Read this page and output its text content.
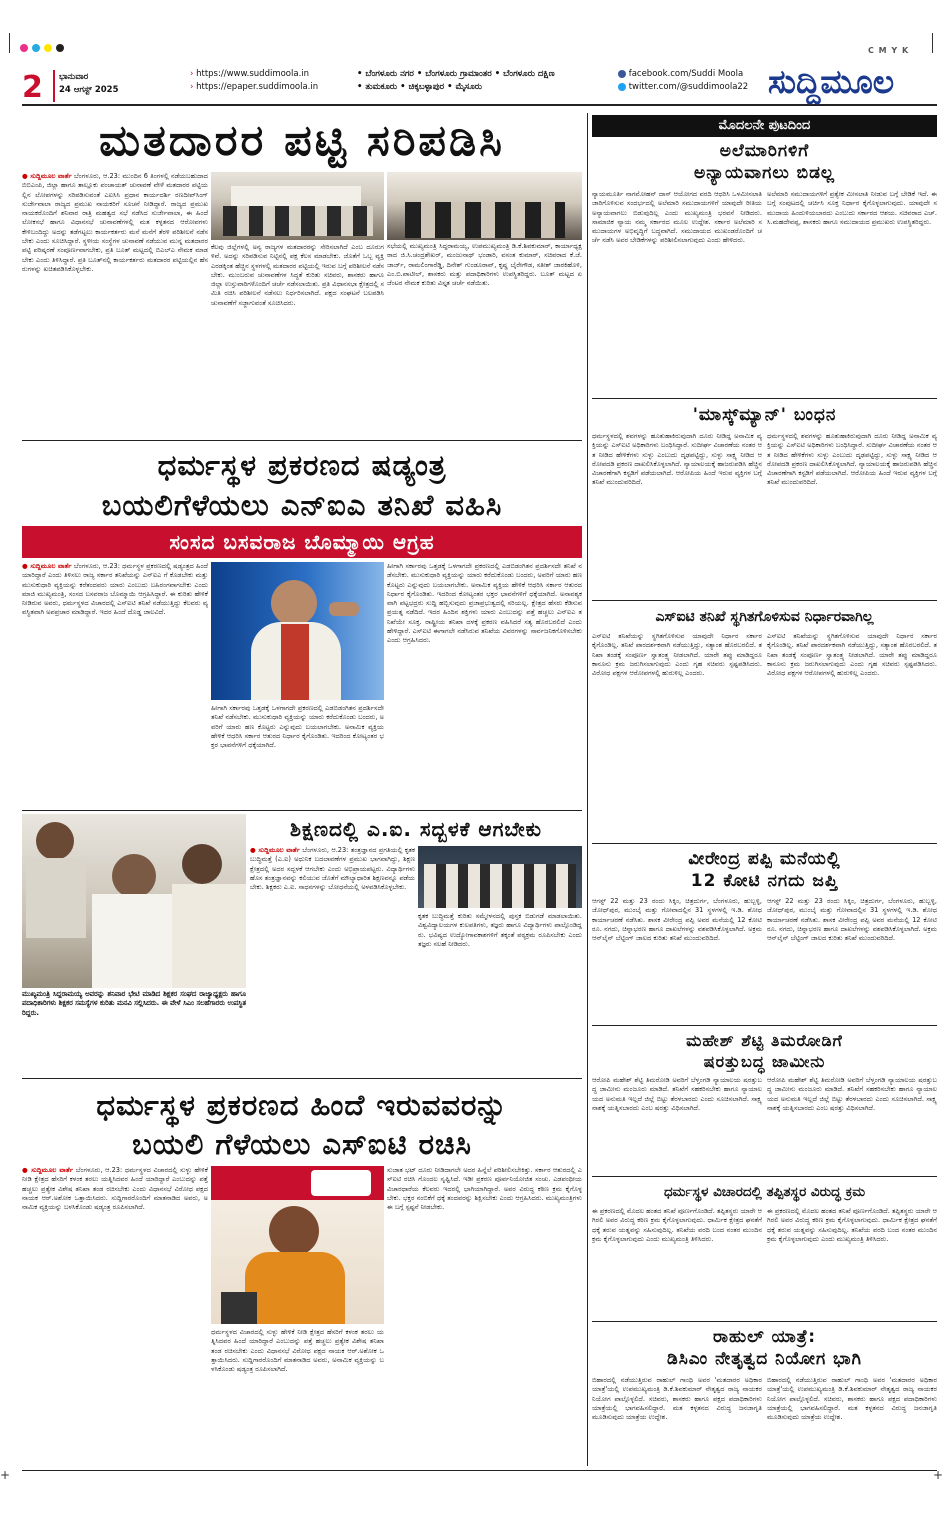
C M Y K
2 ಭಾನುವಾರ
24 ಆಗಸ್ಟ್ 2025
› https://www.suddimoola.in
› https://epaper.suddimoola.in
• ಬೆಂಗಳೂರು ನಗರ • ಬೆಂಗಳೂರು ಗ್ರಾಮಾಂತರ • ಬೆಂಗಳೂರು ದಕ್ಷಿಣ
• ತುಮಕೂರು • ಚಿಕ್ಕಬಳ್ಳಾಪುರ • ಮೈಸೂರು
facebook.com/Suddi Moola
twitter.com/@suddimoola22 ಸುದ್ದಿಮೂಲ
ಮತದಾರರ ಪಟ್ಟಿ ಸರಿಪಡಿಸಿ
● ಸುದ್ದಿಮೂಲ ವಾರ್ತೆ ಬೆಂಗಳೂರು, ಆ.23: ಮುಂದಿನ 6 ತಿಂಗಳಲ್ಲಿ ನಡೆಯಬಹುದಾದ ಬಿಬಿಎಂಪಿ, ಜಿಲ್ಲಾ ಹಾಗೂ ತಾಲ್ಲೂಕು ಪಂಚಾಯತ್ ಚುನಾವಣೆ ವೇಳೆ ಮತದಾರರ ಪಟ್ಟಿಯಲ್ಲಿನ ಲೋಪಗಳನ್ನು ಸರಿಪಡಿಸುವಂತೆ ಎಐಸಿಸಿ ಪ್ರಧಾನ ಕಾರ್ಯದರ್ಶಿ ರಣದೀಪ್‌ಸಿಂಗ್ ಸುರ್ಜೇವಾಲಾ ರಾಜ್ಯದ ಪ್ರಮುಖ ನಾಯಕರಿಗೆ ಸೂಚನೆ ನೀಡಿದ್ದಾರೆ. ರಾಜ್ಯದ ಪ್ರಮುಖ ನಾಯಕರೊಂದಿಗೆ ಶನಿವಾರ ರಾತ್ರಿ ಮಹತ್ವದ ಸಭೆ ನಡೆಸಿದ ಸುರ್ಜೇವಾಲಾ, ಈ ಹಿಂದೆ ಲೋಕಸಭೆ ಹಾಗೂ ವಿಧಾನಸಭೆ ಚುನಾವಣೆಗಳಲ್ಲಿ ಮತ ಕಳ್ಳತನದ ಆರೋಪಗಳು ಕೇಳಿಬಂದಿದ್ದು ಅದನ್ನು ತಡೆಗಟ್ಟಲು ಕಾರ್ಯಕರ್ತರು ಮನೆ ಮನೆಗೆ ತೆರಳಿ ಪರಿಶೀಲನೆ ನಡೆಸಬೇಕು ಎಂದು ಸೂಚಿಸಿದ್ದಾರೆ. ಸ್ಥಳೀಯ ಸಂಸ್ಥೆಗಳ ಚುನಾವಣೆ ನಡೆಯುವ ಮುನ್ನ ಮತದಾರರ ಪಟ್ಟಿ ಪರಿಷ್ಕರಣೆ ಸಂಪೂರ್ಣವಾಗಬೇಕು, ಪ್ರತಿ ಬೂತ್ ಮಟ್ಟದಲ್ಲಿ ಬಿಎಲ್‌ಎ ನೇಮಕ ಮಾಡಬೇಕು ಎಂದು ತಿಳಿಸಿದ್ದಾರೆ. ಪ್ರತಿ ಬೂತ್‌ನಲ್ಲಿ ಕಾರ್ಯಕರ್ತರು ಮತದಾರರ ಪಟ್ಟಿಯಲ್ಲಿನ ಹೆಸರುಗಳನ್ನು ಖಚಿತಪಡಿಸಿಕೊಳ್ಳಬೇಕು.
ಕೆಲವು ಜಿಲ್ಲೆಗಳಲ್ಲಿ ಅನ್ಯ ರಾಜ್ಯಗಳ ಮತದಾರರನ್ನು ಸೇರಿಸಲಾಗಿದೆ ಎಂಬ ದೂರುಗಳಿವೆ. ಅದನ್ನು ಸರಿಪಡಿಸುವ ನಿಟ್ಟಿನಲ್ಲಿ ಪಕ್ಷ ಕೆಲಸ ಮಾಡಬೇಕು. ಜೊತೆಗೆ ಒಬ್ಬ ವ್ಯಕ್ತಿ ಎರಡಕ್ಕಿಂತ ಹೆಚ್ಚಿನ ಸ್ಥಳಗಳಲ್ಲಿ ಮತದಾರರ ಪಟ್ಟಿಯಲ್ಲಿ ಇರುವ ಬಗ್ಗೆ ಪರಿಶೀಲನೆ ನಡೆಸಬೇಕು. ಮುಂಬರುವ ಚುನಾವಣೆಗಳ ಸಿದ್ಧತೆ ಕುರಿತು ಸಚಿವರು, ಶಾಸಕರು ಹಾಗೂ ಜಿಲ್ಲಾ ಉಸ್ತುವಾರಿಗಳೊಂದಿಗೆ ಚರ್ಚೆ ನಡೆಸಲಾಯಿತು. ಪ್ರತಿ ವಿಧಾನಸಭಾ ಕ್ಷೇತ್ರದಲ್ಲಿ ಸಮಿತಿ ರಚಿಸಿ ಪರಿಶೀಲನೆ ನಡೆಸಲು ನಿರ್ಧರಿಸಲಾಗಿದೆ. ಪಕ್ಷದ ಸಂಘಟನೆ ಬಲಪಡಿಸಿ ಚುನಾವಣೆಗೆ ಸಜ್ಜಾಗುವಂತೆ ಸೂಚಿಸಿದರು.
ಸಭೆಯಲ್ಲಿ ಮುಖ್ಯಮಂತ್ರಿ ಸಿದ್ದರಾಮಯ್ಯ, ಉಪಮುಖ್ಯಮಂತ್ರಿ ಡಿ.ಕೆ.ಶಿವಕುಮಾರ್, ಕಾರ್ಯಾಧ್ಯಕ್ಷರಾದ ಜಿ.ಸಿ.ಚಂದ್ರಶೇಖರ್, ಮಂಜುನಾಥ್ ಭಂಡಾರಿ, ವಸಂತ ಕುಮಾರ್, ಸಚಿವರಾದ ಕೆ.ಜೆ.ಜಾರ್ಜ್, ರಾಮಲಿಂಗಾರೆಡ್ಡಿ, ದಿನೇಶ್ ಗುಂಡೂರಾವ್, ಕೃಷ್ಣ ಬೈರೇಗೌಡ, ಸತೀಶ್ ಜಾರಕಿಹೊಳಿ, ಎಂ.ಬಿ.ಪಾಟೀಲ್, ಶಾಸಕರು ಮತ್ತು ಪದಾಧಿಕಾರಿಗಳು ಉಪಸ್ಥಿತರಿದ್ದರು. ಬೂತ್ ಮಟ್ಟದ ಏಜೆಂಟರ ನೇಮಕ ಕುರಿತು ವಿಸ್ತೃತ ಚರ್ಚೆ ನಡೆಯಿತು.
ಧರ್ಮಸ್ಥಳ ಪ್ರಕರಣದ ಷಡ್ಯಂತ್ರ
ಬಯಲಿಗೆಳೆಯಲು ಎನ್‌ಐಎ ತನಿಖೆ ವಹಿಸಿ
ಸಂಸದ ಬಸವರಾಜ ಬೊಮ್ಮಾಯಿ ಆಗ್ರಹ
● ಸುದ್ದಿಮೂಲ ವಾರ್ತೆ ಬೆಂಗಳೂರು, ಆ.23: ಧರ್ಮಸ್ಥಳ ಪ್ರಕರಣದಲ್ಲಿ ಷಡ್ಯಂತ್ರದ ಹಿಂದೆ ಯಾರಿದ್ದಾರೆ ಎಂದು ತಿಳಿಸಲು ರಾಜ್ಯ ಸರ್ಕಾರ ತನಿಖೆಯನ್ನು ಎನ್‌ಐಎ ಗೆ ಕೊಡಬೇಕು ಮತ್ತು ಮುಸುಕುಧಾರಿ ವ್ಯಕ್ತಿಯನ್ನು ಕರೆತಂದವರು ಯಾರು ಎಂಬುದು ಬಹಿರಂಗವಾಗಬೇಕು ಎಂದು ಮಾಜಿ ಮುಖ್ಯಮಂತ್ರಿ, ಸಂಸದ ಬಸವರಾಜ ಬೊಮ್ಮಾಯಿ ಆಗ್ರಹಿಸಿದ್ದಾರೆ. ಈ ಕುರಿತು ಹೇಳಿಕೆ ನೀಡಿರುವ ಅವರು, ಧರ್ಮಸ್ಥಳದ ವಿಚಾರದಲ್ಲಿ ಎಸ್‌ಐಟಿ ತನಿಖೆ ನಡೆಯುತ್ತಿದ್ದು ಕೆಲವರು ವ್ಯವಸ್ಥಿತವಾಗಿ ಅಪಪ್ರಚಾರ ಮಾಡಿದ್ದಾರೆ. ಇದರ ಹಿಂದೆ ದೊಡ್ಡ ಜಾಲವಿದೆ.
ಹೀಗಾಗಿ ಸರ್ಕಾರವು ಒತ್ತಡಕ್ಕೆ ಒಳಗಾಗದೇ ಪ್ರಕರಣದಲ್ಲಿ ಎಡಬಿಡಂಗಿತನ ಪ್ರದರ್ಶಿಸದೇ ತನಿಖೆ ನಡೆಸಬೇಕು. ಮುಸುಕುಧಾರಿ ವ್ಯಕ್ತಿಯನ್ನು ಯಾರು ಕರೆದುಕೊಂಡು ಬಂದರು, ಅವರಿಗೆ ಯಾರು ಹಣ ಕೊಟ್ಟರು ಎನ್ನುವುದು ಬಯಲಾಗಬೇಕು. ಅನಾಮಿಕ ವ್ಯಕ್ತಿಯ ಹೇಳಿಕೆ ಆಧರಿಸಿ ಸರ್ಕಾರ ಆತುರದ ನಿರ್ಧಾರ ಕೈಗೊಂಡಿತು. ಇದರಿಂದ ಕೋಟ್ಯಂತರ ಭಕ್ತರ ಭಾವನೆಗಳಿಗೆ ಧಕ್ಕೆಯಾಗಿದೆ.
ಹೀಗಾಗಿ ಸರ್ಕಾರವು ಒತ್ತಡಕ್ಕೆ ಒಳಗಾಗದೇ ಪ್ರಕರಣದಲ್ಲಿ ಎಡಬಿಡಂಗಿತನ ಪ್ರದರ್ಶಿಸದೇ ತನಿಖೆ ನಡೆಸಬೇಕು. ಮುಸುಕುಧಾರಿ ವ್ಯಕ್ತಿಯನ್ನು ಯಾರು ಕರೆದುಕೊಂಡು ಬಂದರು, ಅವರಿಗೆ ಯಾರು ಹಣ ಕೊಟ್ಟರು ಎನ್ನುವುದು ಬಯಲಾಗಬೇಕು. ಅನಾಮಿಕ ವ್ಯಕ್ತಿಯ ಹೇಳಿಕೆ ಆಧರಿಸಿ ಸರ್ಕಾರ ಆತುರದ ನಿರ್ಧಾರ ಕೈಗೊಂಡಿತು. ಇದರಿಂದ ಕೋಟ್ಯಂತರ ಭಕ್ತರ ಭಾವನೆಗಳಿಗೆ ಧಕ್ಕೆಯಾಗಿದೆ. ಅನಾವಶ್ಯಕವಾಗಿ ಪಟ್ಟಭದ್ರರು ಸುದ್ದಿ ಹಬ್ಬಿಸುವುದು ಪ್ರಜಾಪ್ರಭುತ್ವದಲ್ಲಿ ಸರಿಯಲ್ಲ. ಕ್ಷೇತ್ರದ ಹೆಸರು ಕೆಡಿಸುವ ಪ್ರಯತ್ನ ನಡೆದಿದೆ. ಇದರ ಹಿಂದಿನ ಶಕ್ತಿಗಳು ಯಾರು ಎಂಬುದನ್ನು ಪತ್ತೆ ಹಚ್ಚಲು ಎನ್‌ಐಎ ತನಿಖೆಯೇ ಸೂಕ್ತ. ರಾಷ್ಟ್ರೀಯ ತನಿಖಾ ದಳಕ್ಕೆ ಪ್ರಕರಣ ವಹಿಸಿದರೆ ಸತ್ಯ ಹೊರಬರಲಿದೆ ಎಂದು ಹೇಳಿದ್ದಾರೆ. ಎಸ್‌ಐಟಿ ಈಗಾಗಲೇ ನಡೆಸಿರುವ ತನಿಖೆಯ ವಿವರಗಳನ್ನು ಸಾರ್ವಜನಿಕಗೊಳಿಸಬೇಕು ಎಂದು ಆಗ್ರಹಿಸಿದರು.
ಮುಖ್ಯಮಂತ್ರಿ ಸಿದ್ದರಾಮಯ್ಯ ಅವರನ್ನು ಶನಿವಾರ ಭೇಟಿ ಮಾಡಿದ ಶಿಕ್ಷಕರ ಸಂಘದ ರಾಜ್ಯಾಧ್ಯಕ್ಷರು ಹಾಗೂ ಪದಾಧಿಕಾರಿಗಳು ಶಿಕ್ಷಕರ ಸಮಸ್ಯೆಗಳ ಕುರಿತು ಮನವಿ ಸಲ್ಲಿಸಿದರು. ಈ ವೇಳೆ ಸಿಎಂ ಸಲಹೆಗಾರರು ಉಪಸ್ಥಿತರಿದ್ದರು.
ಶಿಕ್ಷಣದಲ್ಲಿ ಎ.ಐ. ಸದ್ಬಳಕೆ ಆಗಬೇಕು
● ಸುದ್ದಿಮೂಲ ವಾರ್ತೆ ಬೆಂಗಳೂರು, ಆ.23: ತಂತ್ರಜ್ಞಾನದ ಪ್ರಗತಿಯಲ್ಲಿ ಕೃತಕ ಬುದ್ಧಿಮತ್ತೆ (ಎ.ಐ) ಅಧುನಿಕ ಬದಲಾವಣೆಗಳ ಪ್ರಮುಖ ಭಾಗವಾಗಿದ್ದು, ಶಿಕ್ಷಣ ಕ್ಷೇತ್ರದಲ್ಲಿ ಅದರ ಸದ್ಬಳಕೆ ಆಗಬೇಕು ಎಂದು ಅಭಿಪ್ರಾಯಪಟ್ಟರು. ವಿದ್ಯಾರ್ಥಿಗಳು ಹೊಸ ತಂತ್ರಜ್ಞಾನವನ್ನು ಕಲಿಯುವ ಜೊತೆಗೆ ಮೌಲ್ಯಾಧಾರಿತ ಶಿಕ್ಷಣವನ್ನೂ ಪಡೆಯಬೇಕು. ಶಿಕ್ಷಕರು ಎ.ಐ. ಸಾಧನಗಳನ್ನು ಬೋಧನೆಯಲ್ಲಿ ಅಳವಡಿಸಿಕೊಳ್ಳಬೇಕು.
ಕೃತಕ ಬುದ್ಧಿಮತ್ತೆ ಕುರಿತು ಸಮ್ಮೇಳನದಲ್ಲಿ ಪುಸ್ತಕ ಬಿಡುಗಡೆ ಮಾಡಲಾಯಿತು. ವಿಶ್ವವಿದ್ಯಾಲಯಗಳ ಕುಲಪತಿಗಳು, ತಜ್ಞರು ಹಾಗೂ ವಿದ್ಯಾರ್ಥಿಗಳು ಪಾಲ್ಗೊಂಡಿದ್ದರು. ಭವಿಷ್ಯದ ಉದ್ಯೋಗಾವಕಾಶಗಳಿಗೆ ತಕ್ಕಂತೆ ಪಠ್ಯಕ್ರಮ ರೂಪಿಸಬೇಕು ಎಂದು ತಜ್ಞರು ಸಲಹೆ ನೀಡಿದರು.
ಧರ್ಮಸ್ಥಳ ಪ್ರಕರಣದ ಹಿಂದೆ ಇರುವವರನ್ನು
ಬಯಲಿ ಗೆಳೆಯಲು ಎಸ್‌ಐಟಿ ರಚಿಸಿ
● ಸುದ್ದಿಮೂಲ ವಾರ್ತೆ ಬೆಂಗಳೂರು, ಆ.23: ಧರ್ಮಸ್ಥಳದ ವಿಚಾರದಲ್ಲಿ ಸುಳ್ಳು ಹೇಳಿಕೆ ನೀಡಿ ಕ್ಷೇತ್ರದ ಹೆಸರಿಗೆ ಕಳಂಕ ತರಲು ಯತ್ನಿಸಿದವರ ಹಿಂದೆ ಯಾರಿದ್ದಾರೆ ಎಂಬುದನ್ನು ಪತ್ತೆ ಹಚ್ಚಲು ಪ್ರತ್ಯೇಕ ವಿಶೇಷ ತನಿಖಾ ತಂಡ ರಚಿಸಬೇಕು ಎಂದು ವಿಧಾನಸಭೆ ವಿರೋಧ ಪಕ್ಷದ ನಾಯಕ ಆರ್.ಅಶೋಕ ಒತ್ತಾಯಿಸಿದರು. ಸುದ್ದಿಗಾರರೊಂದಿಗೆ ಮಾತನಾಡಿದ ಅವರು, ಅನಾಮಿಕ ವ್ಯಕ್ತಿಯನ್ನು ಬಳಸಿಕೊಂಡು ಷಡ್ಯಂತ್ರ ರೂಪಿಸಲಾಗಿದೆ.
ಧರ್ಮಸ್ಥಳದ ವಿಚಾರದಲ್ಲಿ ಸುಳ್ಳು ಹೇಳಿಕೆ ನೀಡಿ ಕ್ಷೇತ್ರದ ಹೆಸರಿಗೆ ಕಳಂಕ ತರಲು ಯತ್ನಿಸಿದವರ ಹಿಂದೆ ಯಾರಿದ್ದಾರೆ ಎಂಬುದನ್ನು ಪತ್ತೆ ಹಚ್ಚಲು ಪ್ರತ್ಯೇಕ ವಿಶೇಷ ತನಿಖಾ ತಂಡ ರಚಿಸಬೇಕು ಎಂದು ವಿಧಾನಸಭೆ ವಿರೋಧ ಪಕ್ಷದ ನಾಯಕ ಆರ್.ಅಶೋಕ ಒತ್ತಾಯಿಸಿದರು. ಸುದ್ದಿಗಾರರೊಂದಿಗೆ ಮಾತನಾಡಿದ ಅವರು, ಅನಾಮಿಕ ವ್ಯಕ್ತಿಯನ್ನು ಬಳಸಿಕೊಂಡು ಷಡ್ಯಂತ್ರ ರೂಪಿಸಲಾಗಿದೆ.
ಸುಜಾತ ಭಟ್ ದೂರು ನೀಡಿದಾಗಲೇ ಅದರ ಹಿನ್ನೆಲೆ ಪರಿಶೀಲಿಸಬೇಕಿತ್ತು. ಸರ್ಕಾರ ಆತುರದಲ್ಲಿ ಎಸ್‌ಐಟಿ ರಚಿಸಿ ಗೊಂದಲ ಸೃಷ್ಟಿಸಿದೆ. ಇಡೀ ಪ್ರಕರಣ ಪೂರ್ವನಿಯೋಜಿತ ಸಂಚು. ಎಡಪಂಥೀಯ ವಿಚಾರಧಾರೆಯ ಕೆಲವರು ಇದರಲ್ಲಿ ಭಾಗಿಯಾಗಿದ್ದಾರೆ. ಅವರ ವಿರುದ್ಧ ಕಠಿಣ ಕ್ರಮ ಕೈಗೊಳ್ಳಬೇಕು. ಭಕ್ತರ ನಂಬಿಕೆಗೆ ಧಕ್ಕೆ ತಂದವರನ್ನು ಶಿಕ್ಷಿಸಬೇಕು ಎಂದು ಆಗ್ರಹಿಸಿದರು. ಮುಖ್ಯಮಂತ್ರಿಗಳು ಈ ಬಗ್ಗೆ ಸ್ಪಷ್ಟನೆ ನೀಡಬೇಕು.
ಮೊದಲನೇ ಪುಟದಿಂದ
ಅಲೆಮಾರಿಗಳಿಗೆ
ಅನ್ಯಾಯವಾಗಲು ಬಿಡಲ್ಲ
ನ್ಯಾಯಮೂರ್ತಿ ನಾಗಮೋಹನ್ ದಾಸ್ ಆಯೋಗದ ವರದಿ ಆಧರಿಸಿ ಒಳಮೀಸಲಾತಿ ಜಾರಿಗೊಳಿಸುವ ಸಂದರ್ಭದಲ್ಲಿ ಅಲೆಮಾರಿ ಸಮುದಾಯಗಳಿಗೆ ಯಾವುದೇ ರೀತಿಯ ಅನ್ಯಾಯವಾಗಲು ಬಿಡುವುದಿಲ್ಲ ಎಂದು ಮುಖ್ಯಮಂತ್ರಿ ಭರವಸೆ ನೀಡಿದರು. ಸಾಮಾಜಿಕ ನ್ಯಾಯ ನಮ್ಮ ಸರ್ಕಾರದ ಮೂಲ ಉದ್ದೇಶ. ಸರ್ಕಾರ ಅಲೆಮಾರಿ ಸಮುದಾಯಗಳ ಅಭಿವೃದ್ಧಿಗೆ ಬದ್ಧವಾಗಿದೆ. ಸಮುದಾಯದ ಮುಖಂಡರೊಂದಿಗೆ ಚರ್ಚೆ ನಡೆಸಿ ಅವರ ಬೇಡಿಕೆಗಳನ್ನು ಪರಿಶೀಲಿಸಲಾಗುವುದು ಎಂದು ಹೇಳಿದರು.
ಅಲೆಮಾರಿ ಸಮುದಾಯಗಳಿಗೆ ಪ್ರತ್ಯೇಕ ಮೀಸಲಾತಿ ನೀಡುವ ಬಗ್ಗೆ ಬೇಡಿಕೆ ಇದೆ. ಈ ಬಗ್ಗೆ ಸಂಪುಟದಲ್ಲಿ ಚರ್ಚಿಸಿ ಸೂಕ್ತ ನಿರ್ಧಾರ ಕೈಗೊಳ್ಳಲಾಗುವುದು. ಯಾವುದೇ ಸಮುದಾಯ ಹಿಂದುಳಿಯಬಾರದು ಎಂಬುದು ಸರ್ಕಾರದ ಆಶಯ. ಸಚಿವರಾದ ಎಚ್.ಸಿ.ಮಹದೇವಪ್ಪ, ಶಾಸಕರು ಹಾಗೂ ಸಮುದಾಯದ ಪ್ರಮುಖರು ಉಪಸ್ಥಿತರಿದ್ದರು.
'ಮಾಸ್ಕ್‌ಮ್ಯಾನ್' ಬಂಧನ
ಧರ್ಮಸ್ಥಳದಲ್ಲಿ ಶವಗಳನ್ನು ಹೂತುಹಾಕಿರುವುದಾಗಿ ದೂರು ನೀಡಿದ್ದ ಅನಾಮಿಕ ವ್ಯಕ್ತಿಯನ್ನು ಎಸ್‌ಐಟಿ ಅಧಿಕಾರಿಗಳು ಬಂಧಿಸಿದ್ದಾರೆ. ಸುದೀರ್ಘ ವಿಚಾರಣೆಯ ನಂತರ ಆತ ನೀಡಿದ ಹೇಳಿಕೆಗಳು ಸುಳ್ಳು ಎಂಬುದು ದೃಢಪಟ್ಟಿದ್ದು, ಸುಳ್ಳು ಸಾಕ್ಷ್ಯ ನೀಡಿದ ಆರೋಪದಡಿ ಪ್ರಕರಣ ದಾಖಲಿಸಿಕೊಳ್ಳಲಾಗಿದೆ. ನ್ಯಾಯಾಲಯಕ್ಕೆ ಹಾಜರುಪಡಿಸಿ ಹೆಚ್ಚಿನ ವಿಚಾರಣೆಗಾಗಿ ಕಸ್ಟಡಿಗೆ ಪಡೆಯಲಾಗಿದೆ. ಆರೋಪಿಯ ಹಿಂದೆ ಇರುವ ವ್ಯಕ್ತಿಗಳ ಬಗ್ಗೆ ತನಿಖೆ ಮುಂದುವರಿದಿದೆ.
ಧರ್ಮಸ್ಥಳದಲ್ಲಿ ಶವಗಳನ್ನು ಹೂತುಹಾಕಿರುವುದಾಗಿ ದೂರು ನೀಡಿದ್ದ ಅನಾಮಿಕ ವ್ಯಕ್ತಿಯನ್ನು ಎಸ್‌ಐಟಿ ಅಧಿಕಾರಿಗಳು ಬಂಧಿಸಿದ್ದಾರೆ. ಸುದೀರ್ಘ ವಿಚಾರಣೆಯ ನಂತರ ಆತ ನೀಡಿದ ಹೇಳಿಕೆಗಳು ಸುಳ್ಳು ಎಂಬುದು ದೃಢಪಟ್ಟಿದ್ದು, ಸುಳ್ಳು ಸಾಕ್ಷ್ಯ ನೀಡಿದ ಆರೋಪದಡಿ ಪ್ರಕರಣ ದಾಖಲಿಸಿಕೊಳ್ಳಲಾಗಿದೆ. ನ್ಯಾಯಾಲಯಕ್ಕೆ ಹಾಜರುಪಡಿಸಿ ಹೆಚ್ಚಿನ ವಿಚಾರಣೆಗಾಗಿ ಕಸ್ಟಡಿಗೆ ಪಡೆಯಲಾಗಿದೆ. ಆರೋಪಿಯ ಹಿಂದೆ ಇರುವ ವ್ಯಕ್ತಿಗಳ ಬಗ್ಗೆ ತನಿಖೆ ಮುಂದುವರಿದಿದೆ.
ಎಸ್‌ಐಟಿ ತನಿಖೆ ಸ್ಥಗಿತಗೊಳಿಸುವ ನಿರ್ಧಾರವಾಗಿಲ್ಲ
ಎಸ್‌ಐಟಿ ತನಿಖೆಯನ್ನು ಸ್ಥಗಿತಗೊಳಿಸುವ ಯಾವುದೇ ನಿರ್ಧಾರ ಸರ್ಕಾರ ಕೈಗೊಂಡಿಲ್ಲ. ತನಿಖೆ ಪಾರದರ್ಶಕವಾಗಿ ನಡೆಯುತ್ತಿದ್ದು, ಸತ್ಯಾಂಶ ಹೊರಬರಲಿದೆ. ತನಿಖಾ ತಂಡಕ್ಕೆ ಸಂಪೂರ್ಣ ಸ್ವಾತಂತ್ರ್ಯ ನೀಡಲಾಗಿದೆ. ಯಾರೇ ತಪ್ಪು ಮಾಡಿದ್ದರೂ ಕಾನೂನು ಕ್ರಮ ಜರುಗಿಸಲಾಗುವುದು ಎಂದು ಗೃಹ ಸಚಿವರು ಸ್ಪಷ್ಟಪಡಿಸಿದರು. ವಿರೋಧ ಪಕ್ಷಗಳ ಆರೋಪಗಳಲ್ಲಿ ಹುರುಳಿಲ್ಲ ಎಂದರು.
ಎಸ್‌ಐಟಿ ತನಿಖೆಯನ್ನು ಸ್ಥಗಿತಗೊಳಿಸುವ ಯಾವುದೇ ನಿರ್ಧಾರ ಸರ್ಕಾರ ಕೈಗೊಂಡಿಲ್ಲ. ತನಿಖೆ ಪಾರದರ್ಶಕವಾಗಿ ನಡೆಯುತ್ತಿದ್ದು, ಸತ್ಯಾಂಶ ಹೊರಬರಲಿದೆ. ತನಿಖಾ ತಂಡಕ್ಕೆ ಸಂಪೂರ್ಣ ಸ್ವಾತಂತ್ರ್ಯ ನೀಡಲಾಗಿದೆ. ಯಾರೇ ತಪ್ಪು ಮಾಡಿದ್ದರೂ ಕಾನೂನು ಕ್ರಮ ಜರುಗಿಸಲಾಗುವುದು ಎಂದು ಗೃಹ ಸಚಿವರು ಸ್ಪಷ್ಟಪಡಿಸಿದರು. ವಿರೋಧ ಪಕ್ಷಗಳ ಆರೋಪಗಳಲ್ಲಿ ಹುರುಳಿಲ್ಲ ಎಂದರು.
ವೀರೇಂದ್ರ ಪಪ್ಪಿ ಮನೆಯಲ್ಲಿ
12 ಕೋಟಿ ನಗದು ಜಪ್ತಿ
ಆಗಸ್ಟ್ 22 ಮತ್ತು 23 ರಂದು ಸಿಕ್ಕಿಂ, ಚಿತ್ರದುರ್ಗ, ಬೆಂಗಳೂರು, ಹುಬ್ಬಳ್ಳಿ, ಜೋಧ್‌ಪುರ, ಮುಂಬೈ ಮತ್ತು ಗೋವಾದಲ್ಲಿನ 31 ಸ್ಥಳಗಳಲ್ಲಿ ಇ.ಡಿ. ಶೋಧ ಕಾರ್ಯಾಚರಣೆ ನಡೆಸಿತು. ಶಾಸಕ ವೀರೇಂದ್ರ ಪಪ್ಪಿ ಅವರ ಮನೆಯಲ್ಲಿ 12 ಕೋಟಿ ರೂ. ನಗದು, ಚಿನ್ನಾಭರಣ ಹಾಗೂ ದಾಖಲೆಗಳನ್ನು ವಶಪಡಿಸಿಕೊಳ್ಳಲಾಗಿದೆ. ಅಕ್ರಮ ಆನ್‌ಲೈನ್ ಬೆಟ್ಟಿಂಗ್ ಜಾಲದ ಕುರಿತು ತನಿಖೆ ಮುಂದುವರಿದಿದೆ.
ಆಗಸ್ಟ್ 22 ಮತ್ತು 23 ರಂದು ಸಿಕ್ಕಿಂ, ಚಿತ್ರದುರ್ಗ, ಬೆಂಗಳೂರು, ಹುಬ್ಬಳ್ಳಿ, ಜೋಧ್‌ಪುರ, ಮುಂಬೈ ಮತ್ತು ಗೋವಾದಲ್ಲಿನ 31 ಸ್ಥಳಗಳಲ್ಲಿ ಇ.ಡಿ. ಶೋಧ ಕಾರ್ಯಾಚರಣೆ ನಡೆಸಿತು. ಶಾಸಕ ವೀರೇಂದ್ರ ಪಪ್ಪಿ ಅವರ ಮನೆಯಲ್ಲಿ 12 ಕೋಟಿ ರೂ. ನಗದು, ಚಿನ್ನಾಭರಣ ಹಾಗೂ ದಾಖಲೆಗಳನ್ನು ವಶಪಡಿಸಿಕೊಳ್ಳಲಾಗಿದೆ. ಅಕ್ರಮ ಆನ್‌ಲೈನ್ ಬೆಟ್ಟಿಂಗ್ ಜಾಲದ ಕುರಿತು ತನಿಖೆ ಮುಂದುವರಿದಿದೆ.
ಮಹೇಶ್ ಶೆಟ್ಟಿ ತಿಮರೋಡಿಗೆ
ಷರತ್ತುಬದ್ಧ ಜಾಮೀನು
ಆರೋಪಿ ಮಹೇಶ್ ಶೆಟ್ಟಿ ತಿಮರೋಡಿ ಅವರಿಗೆ ಬೆಳ್ತಂಗಡಿ ನ್ಯಾಯಾಲಯ ಷರತ್ತುಬದ್ಧ ಜಾಮೀನು ಮಂಜೂರು ಮಾಡಿದೆ. ತನಿಖೆಗೆ ಸಹಕರಿಸಬೇಕು ಹಾಗೂ ನ್ಯಾಯಾಲಯದ ಅನುಮತಿ ಇಲ್ಲದೆ ಜಿಲ್ಲೆ ಬಿಟ್ಟು ತೆರಳಬಾರದು ಎಂದು ಸೂಚಿಸಲಾಗಿದೆ. ಸಾಕ್ಷ್ಯ ನಾಶಕ್ಕೆ ಯತ್ನಿಸಬಾರದು ಎಂಬ ಷರತ್ತು ವಿಧಿಸಲಾಗಿದೆ.
ಆರೋಪಿ ಮಹೇಶ್ ಶೆಟ್ಟಿ ತಿಮರೋಡಿ ಅವರಿಗೆ ಬೆಳ್ತಂಗಡಿ ನ್ಯಾಯಾಲಯ ಷರತ್ತುಬದ್ಧ ಜಾಮೀನು ಮಂಜೂರು ಮಾಡಿದೆ. ತನಿಖೆಗೆ ಸಹಕರಿಸಬೇಕು ಹಾಗೂ ನ್ಯಾಯಾಲಯದ ಅನುಮತಿ ಇಲ್ಲದೆ ಜಿಲ್ಲೆ ಬಿಟ್ಟು ತೆರಳಬಾರದು ಎಂದು ಸೂಚಿಸಲಾಗಿದೆ. ಸಾಕ್ಷ್ಯ ನಾಶಕ್ಕೆ ಯತ್ನಿಸಬಾರದು ಎಂಬ ಷರತ್ತು ವಿಧಿಸಲಾಗಿದೆ.
ಧರ್ಮಸ್ಥಳ ವಿಚಾರದಲ್ಲಿ ತಪ್ಪಿತಸ್ಥರ ವಿರುದ್ಧ ಕ್ರಮ
ಈ ಪ್ರಕರಣದಲ್ಲಿ ಮೊದಲ ಹಂತದ ತನಿಖೆ ಪೂರ್ಣಗೊಂಡಿದೆ. ತಪ್ಪಿತಸ್ಥರು ಯಾರೇ ಆಗಿರಲಿ ಅವರ ವಿರುದ್ಧ ಕಠಿಣ ಕ್ರಮ ಕೈಗೊಳ್ಳಲಾಗುವುದು. ಧಾರ್ಮಿಕ ಕ್ಷೇತ್ರದ ಘನತೆಗೆ ಧಕ್ಕೆ ತರುವ ಯತ್ನವನ್ನು ಸಹಿಸುವುದಿಲ್ಲ. ತನಿಖೆಯ ವರದಿ ಬಂದ ನಂತರ ಮುಂದಿನ ಕ್ರಮ ಕೈಗೊಳ್ಳಲಾಗುವುದು ಎಂದು ಮುಖ್ಯಮಂತ್ರಿ ತಿಳಿಸಿದರು.
ಈ ಪ್ರಕರಣದಲ್ಲಿ ಮೊದಲ ಹಂತದ ತನಿಖೆ ಪೂರ್ಣಗೊಂಡಿದೆ. ತಪ್ಪಿತಸ್ಥರು ಯಾರೇ ಆಗಿರಲಿ ಅವರ ವಿರುದ್ಧ ಕಠಿಣ ಕ್ರಮ ಕೈಗೊಳ್ಳಲಾಗುವುದು. ಧಾರ್ಮಿಕ ಕ್ಷೇತ್ರದ ಘನತೆಗೆ ಧಕ್ಕೆ ತರುವ ಯತ್ನವನ್ನು ಸಹಿಸುವುದಿಲ್ಲ. ತನಿಖೆಯ ವರದಿ ಬಂದ ನಂತರ ಮುಂದಿನ ಕ್ರಮ ಕೈಗೊಳ್ಳಲಾಗುವುದು ಎಂದು ಮುಖ್ಯಮಂತ್ರಿ ತಿಳಿಸಿದರು.
ರಾಹುಲ್ ಯಾತ್ರೆ:
ಡಿಸಿಎಂ ನೇತೃತ್ವದ ನಿಯೋಗ ಭಾಗಿ
ಬಿಹಾರದಲ್ಲಿ ನಡೆಯುತ್ತಿರುವ ರಾಹುಲ್ ಗಾಂಧಿ ಅವರ 'ಮತದಾರರ ಅಧಿಕಾರ ಯಾತ್ರೆ'ಯಲ್ಲಿ ಉಪಮುಖ್ಯಮಂತ್ರಿ ಡಿ.ಕೆ.ಶಿವಕುಮಾರ್ ನೇತೃತ್ವದ ರಾಜ್ಯ ನಾಯಕರ ನಿಯೋಗ ಪಾಲ್ಗೊಳ್ಳಲಿದೆ. ಸಚಿವರು, ಶಾಸಕರು ಹಾಗೂ ಪಕ್ಷದ ಪದಾಧಿಕಾರಿಗಳು ಯಾತ್ರೆಯಲ್ಲಿ ಭಾಗವಹಿಸಲಿದ್ದಾರೆ. ಮತ ಕಳ್ಳತನದ ವಿರುದ್ಧ ಜನಜಾಗೃತಿ ಮೂಡಿಸುವುದು ಯಾತ್ರೆಯ ಉದ್ದೇಶ.
ಬಿಹಾರದಲ್ಲಿ ನಡೆಯುತ್ತಿರುವ ರಾಹುಲ್ ಗಾಂಧಿ ಅವರ 'ಮತದಾರರ ಅಧಿಕಾರ ಯಾತ್ರೆ'ಯಲ್ಲಿ ಉಪಮುಖ್ಯಮಂತ್ರಿ ಡಿ.ಕೆ.ಶಿವಕುಮಾರ್ ನೇತೃತ್ವದ ರಾಜ್ಯ ನಾಯಕರ ನಿಯೋಗ ಪಾಲ್ಗೊಳ್ಳಲಿದೆ. ಸಚಿವರು, ಶಾಸಕರು ಹಾಗೂ ಪಕ್ಷದ ಪದಾಧಿಕಾರಿಗಳು ಯಾತ್ರೆಯಲ್ಲಿ ಭಾಗವಹಿಸಲಿದ್ದಾರೆ. ಮತ ಕಳ್ಳತನದ ವಿರುದ್ಧ ಜನಜಾಗೃತಿ ಮೂಡಿಸುವುದು ಯಾತ್ರೆಯ ಉದ್ದೇಶ.
+	+
